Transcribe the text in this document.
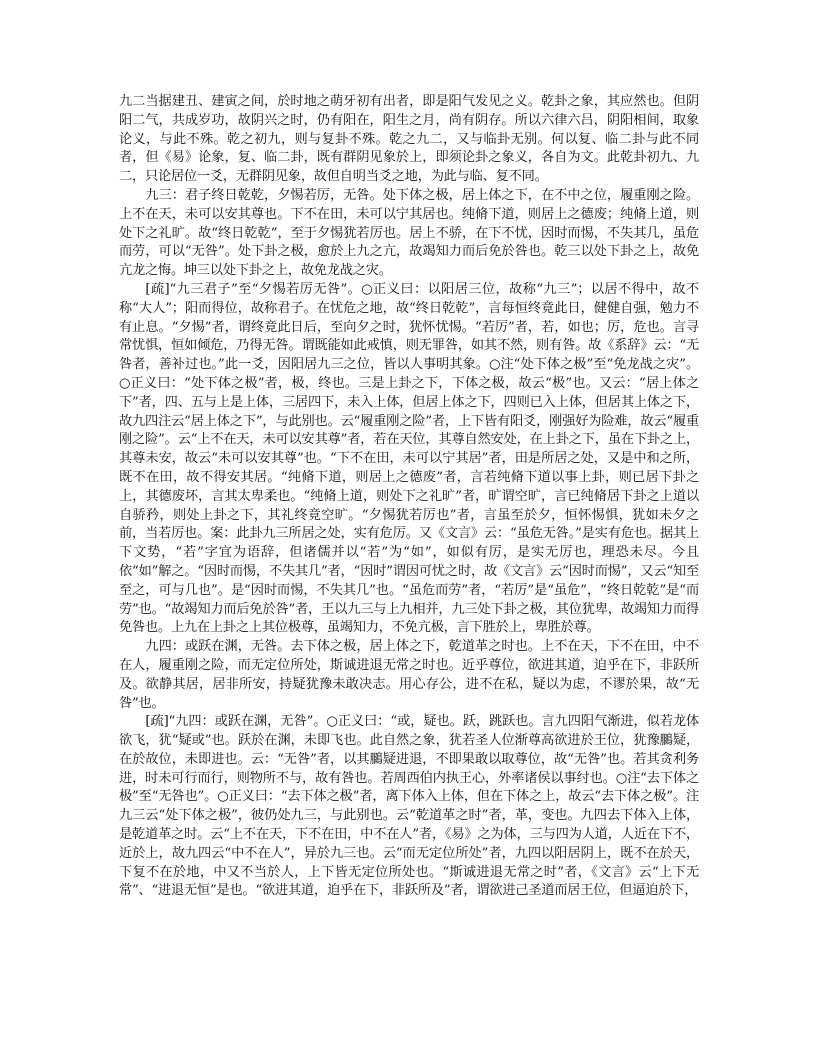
九二当据建丑、建寅之间，於时地之萌牙初有出者，即是阳气发见之义。乾卦之象，其应然也。但阴阳二气，共成岁功，故阴兴之时，仍有阳在，阳生之月，尚有阴存。所以六律六吕，阴阳相间，取象论义，与此不殊。乾之初九，则与复卦不殊。乾之九二，又与临卦无别。何以复、临二卦与此不同者，但《易》论象，复、临二卦，既有群阴见象於上，即须论卦之象义，各自为文。此乾卦初九、九二，只论居位一爻，无群阴见象，故但自明当爻之地，为此与临、复不同。

九三：君子终日乾乾，夕惕若厉，无咎。处下体之极，居上体之下，在不中之位，履重刚之险。上不在天，未可以安其尊也。下不在田，未可以宁其居也。纯脩下道，则居上之德废；纯脩上道，则处下之礼旷。故“终日乾乾”，至于夕惕犹若厉也。居上不骄，在下不忧，因时而惕，不失其几，虽危而劳，可以“无咎”。处下卦之极，愈於上九之亢，故竭知力而后免於咎也。乾三以处下卦之上，故免亢龙之悔。坤三以处下卦之上，故免龙战之灾。

[疏]“九三君子”至“夕惕若厉无咎”。○正义曰：以阳居三位，故称“九三”；以居不得中，故不称“大人”；阳而得位，故称君子。在忧危之地，故“终日乾乾”，言每恒终竟此日，健健自强，勉力不有止息。“夕惕”者，谓终竟此日后，至向夕之时，犹怀忧惕。“若厉”者，若，如也；厉，危也。言寻常忧惧，恒如倾危，乃得无咎。谓既能如此戒慎，则无罪咎，如其不然，则有咎。故《系辞》云：“无咎者，善补过也。”此一爻，因阳居九三之位，皆以人事明其象。○注“处下体之极”至“免龙战之灾”。○正义曰：“处下体之极”者，极，终也。三是上卦之下，下体之极，故云“极”也。又云：“居上体之下”者，四、五与上是上体，三居四下，未入上体，但居上体之下，四则已入上体，但居其上体之下，故九四注云“居上体之下”，与此别也。云“履重刚之险”者，上下皆有阳爻，刚强好为险难，故云“履重刚之险”。云“上不在天，未可以安其尊”者，若在天位，其尊自然安处，在上卦之下，虽在下卦之上，其尊未安，故云“未可以安其尊”也。“下不在田，未可以宁其居”者，田是所居之处，又是中和之所，既不在田，故不得安其居。“纯脩下道，则居上之德废”者，言若纯脩下道以事上卦，则已居下卦之上，其德废坏，言其太卑柔也。“纯脩上道，则处下之礼旷”者，旷谓空旷，言已纯脩居下卦之上道以自骄矜，则处上卦之下，其礼终竟空旷。“夕惕犹若厉也”者，言虽至於夕，恒怀惕惧，犹如未夕之前，当若厉也。案：此卦九三所居之处，实有危厉。又《文言》云：“虽危无咎。”是实有危也。据其上下文势，“若”字宜为语辞，但诸儒并以“若”为“如”，如似有厉，是实无厉也，理恐未尽。今且依“如”解之。“因时而惕，不失其几”者，“因时”谓因可忧之时，故《文言》云“因时而惕”，又云“知至至之，可与几也”。是“因时而惕，不失其几”也。“虽危而劳”者，“若厉”是“虽危”，“终日乾乾”是“而劳”也。“故竭知力而后免於咎”者，王以九三与上九相并，九三处下卦之极，其位犹卑，故竭知力而得免咎也。上九在上卦之上其位极尊，虽竭知力，不免亢极，言下胜於上，卑胜於尊。

九四：或跃在渊，无咎。去下体之极，居上体之下，乾道革之时也。上不在天，下不在田，中不在人，履重刚之险，而无定位所处，斯诚进退无常之时也。近乎尊位，欲进其道，迫乎在下，非跃所及。欲静其居，居非所安，持疑犹豫未敢决志。用心存公，进不在私，疑以为虑，不谬於果，故“无咎”也。

[疏]“九四：或跃在渊，无咎”。○正义曰：“或，疑也。跃，跳跃也。言九四阳气渐进，似若龙体欲飞，犹“疑或”也。跃於在渊，未即飞也。此自然之象，犹若圣人位渐尊高欲进於王位，犹豫鵩疑，在於故位，未即进也。云：“无咎”者，以其鵩疑进退，不即果敢以取尊位，故“无咎”也。若其贪利务进，时未可行而行，则物所不与，故有咎也。若周西伯内执王心，外率诸侯以事纣也。○注“去下体之极”至“无咎也”。○正义曰：“去下体之极”者，离下体入上体，但在下体之上，故云“去下体之极”。注九三云“处下体之极”，彼仍处九三，与此别也。云“乾道革之时”者，革，变也。九四去下体入上体，是乾道革之时。云“上不在天，下不在田，中不在人”者，《易》之为体，三与四为人道，人近在下不，近於上，故九四云“中不在人”，异於九三也。云“而无定位所处”者，九四以阳居阴上，既不在於天，下复不在於地，中又不当於人，上下皆无定位所处也。“斯诚进退无常之时”者，《文言》云“上下无常”、“进退无恒”是也。“欲进其道，迫乎在下，非跃所及”者，谓欲进己圣道而居王位，但逼迫於下，
